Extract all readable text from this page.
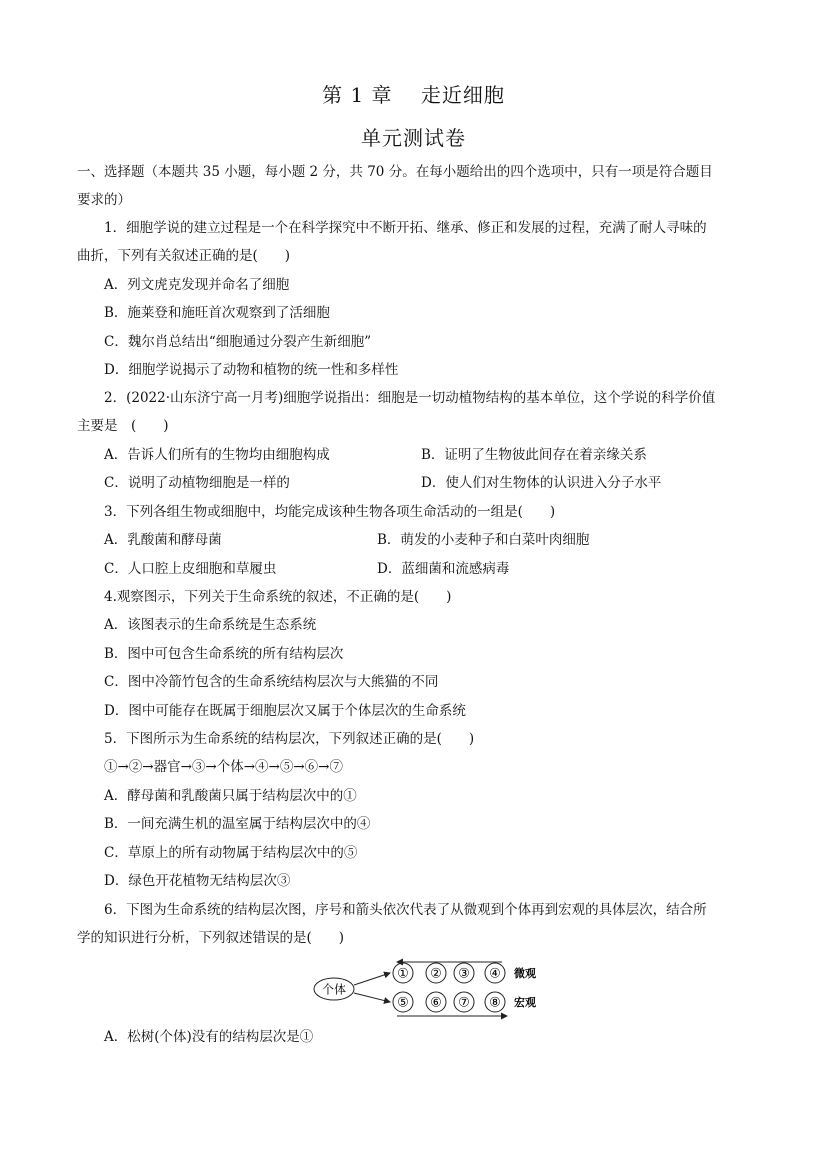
第 1 章　 走近细胞
单元测试卷
一、选择题（本题共 35 小题，每小题 2 分，共 70 分。在每小题给出的四个选项中，只有一项是符合题目
要求的）
1．细胞学说的建立过程是一个在科学探究中不断开拓、继承、修正和发展的过程，充满了耐人寻味的
曲折，下列有关叙述正确的是(　　)
A．列文虎克发现并命名了细胞
B．施莱登和施旺首次观察到了活细胞
C．魏尔肖总结出“细胞通过分裂产生新细胞”
D．细胞学说揭示了动物和植物的统一性和多样性
2．(2022·山东济宁高一月考)细胞学说指出：细胞是一切动植物结构的基本单位，这个学说的科学价值
主要是　(　　)
A．告诉人们所有的生物均由细胞构成	B．证明了生物彼此间存在着亲缘关系
C．说明了动植物细胞是一样的	D．使人们对生物体的认识进入分子水平
3．下列各组生物或细胞中，均能完成该种生物各项生命活动的一组是(　　)
A．乳酸菌和酵母菌	B．萌发的小麦种子和白菜叶肉细胞
C．人口腔上皮细胞和草履虫	D．蓝细菌和流感病毒
4.观察图示，下列关于生命系统的叙述，不正确的是(　　)
A．该图表示的生命系统是生态系统
B．图中可包含生命系统的所有结构层次
C．图中冷箭竹包含的生命系统结构层次与大熊猫的不同
D．图中可能存在既属于细胞层次又属于个体层次的生命系统
5．下图所示为生命系统的结构层次，下列叙述正确的是(　　)
①→②→器官→③→个体→④→⑤→⑥→⑦
A．酵母菌和乳酸菌只属于结构层次中的①
B．一间充满生机的温室属于结构层次中的④
C．草原上的所有动物属于结构层次中的⑤
D．绿色开花植物无结构层次③
6．下图为生命系统的结构层次图，序号和箭头依次代表了从微观到个体再到宏观的具体层次，结合所
学的知识进行分析，下列叙述错误的是(　　)
个体
① ② ③ ④ 微观
⑤ ⑥ ⑦ ⑧ 宏观
A．松树(个体)没有的结构层次是①
